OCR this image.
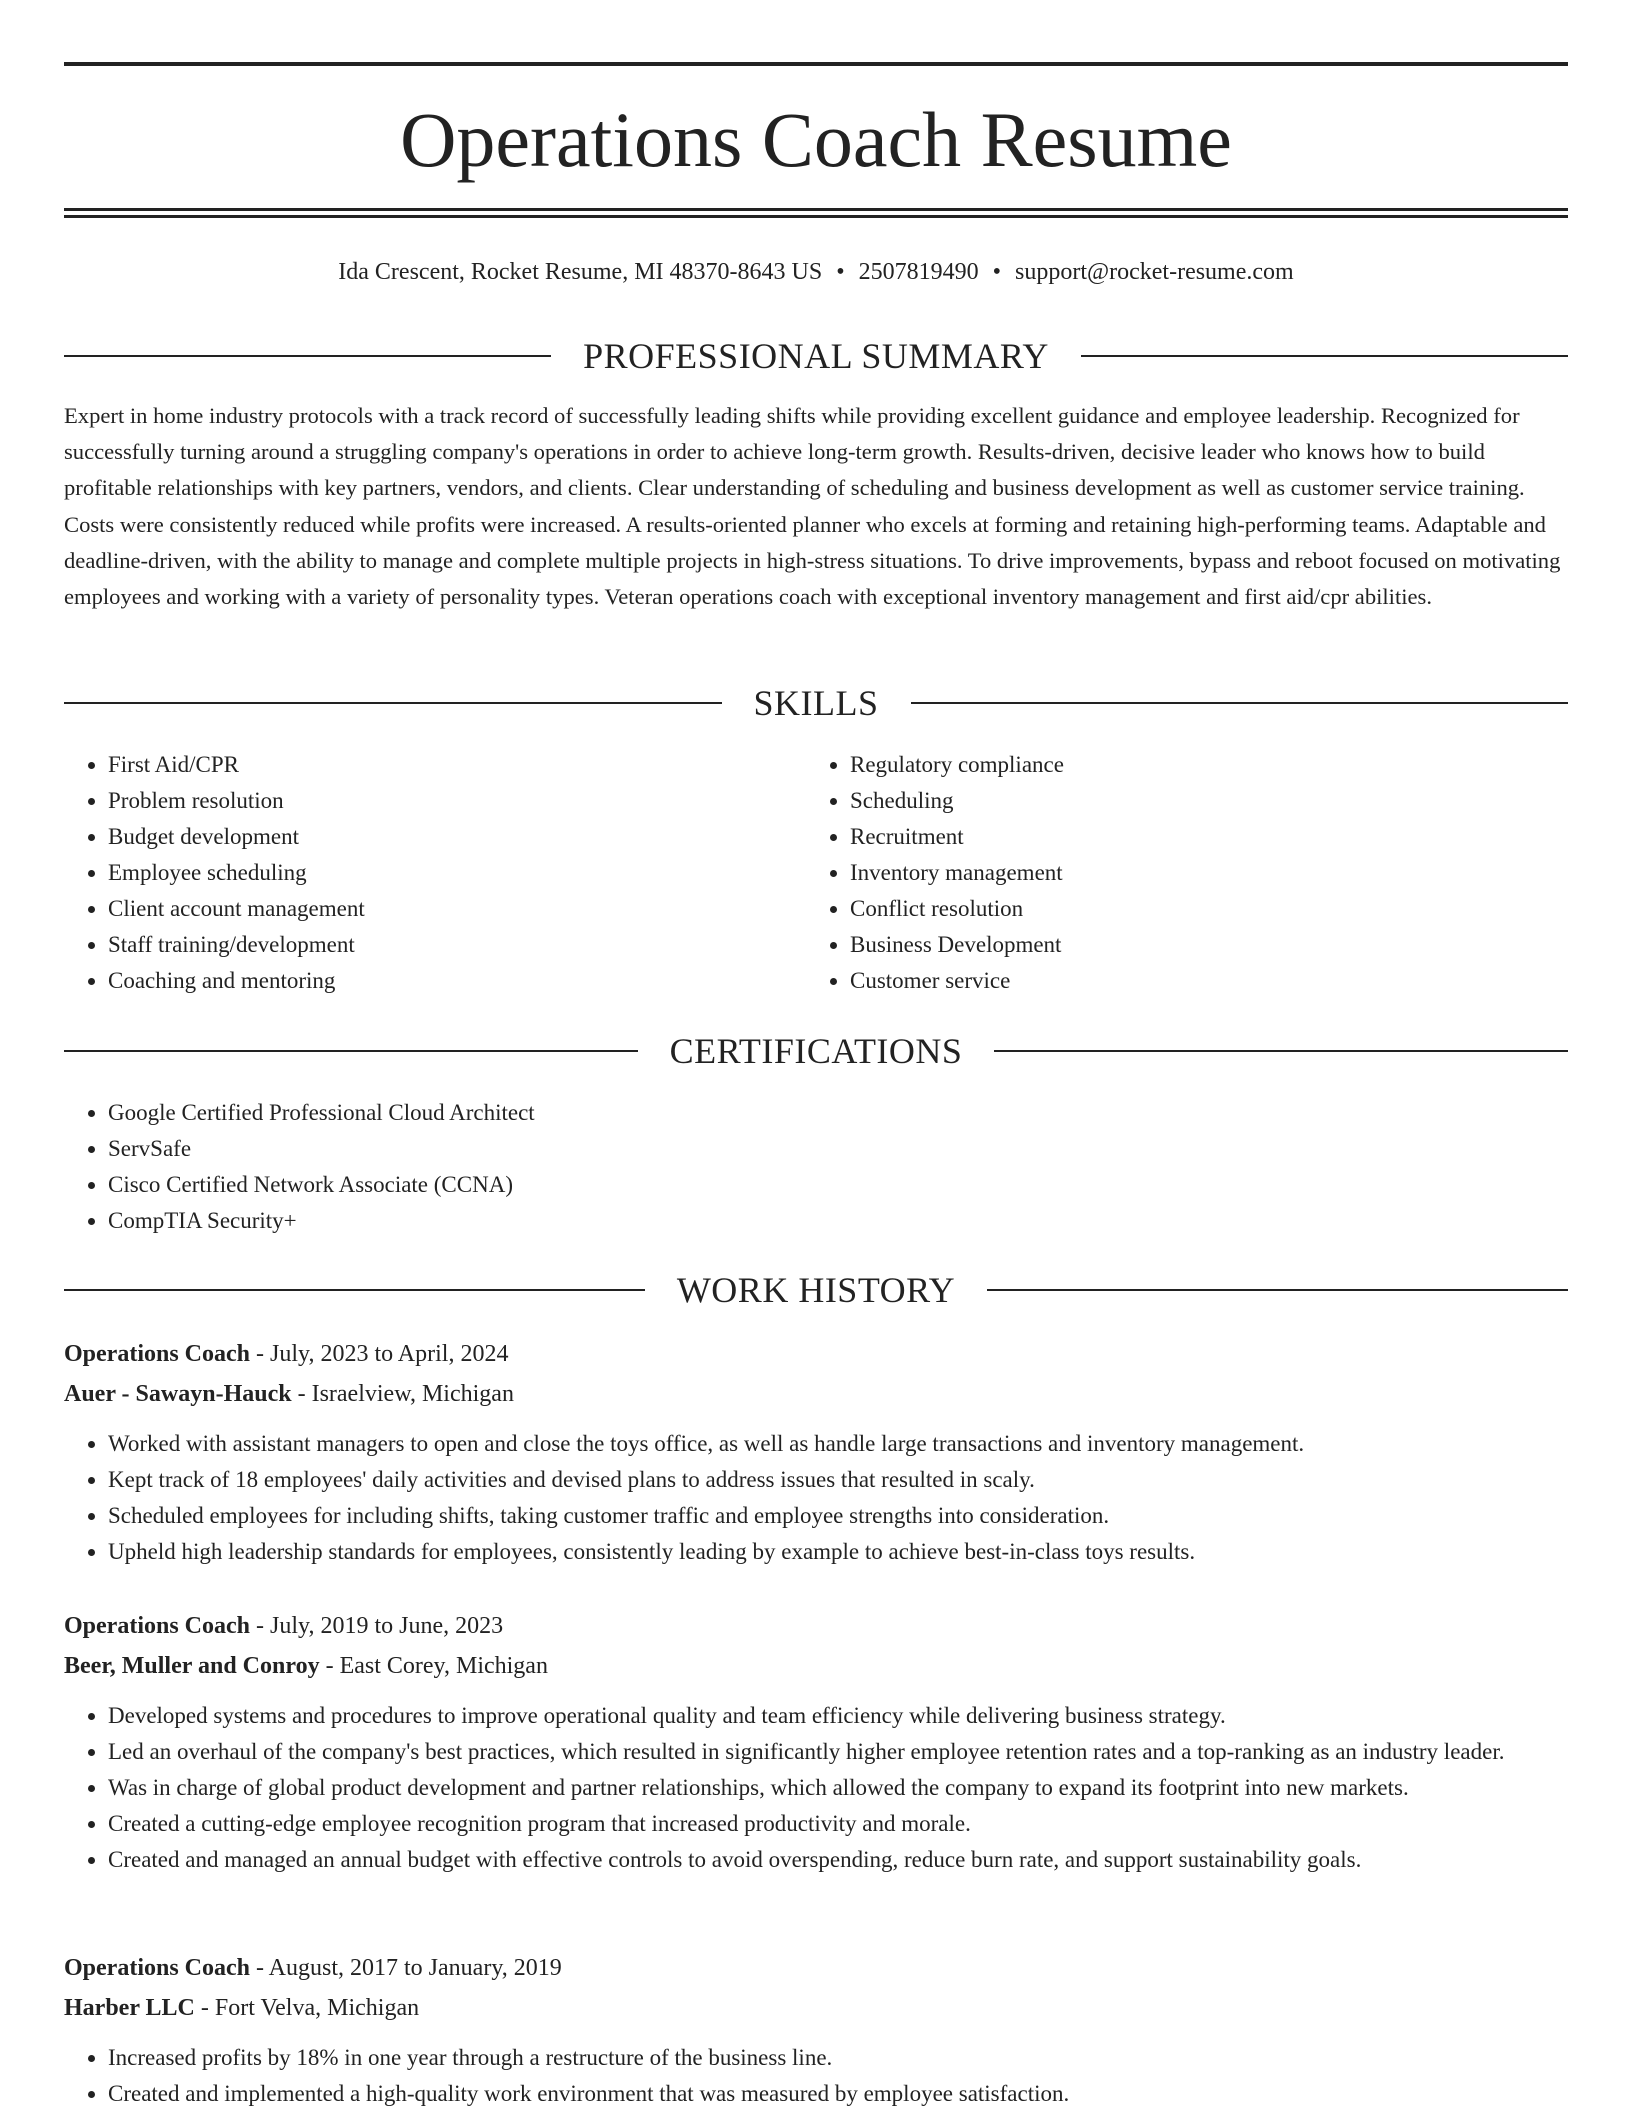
Operations Coach Resume
Ida Crescent, Rocket Resume, MI 48370-8643 US • 2507819490 • support@rocket-resume.com
PROFESSIONAL SUMMARY

Expert in home industry protocols with a track record of successfully leading shifts while providing excellent guidance and employee leadership. Recognized for successfully turning around a struggling company's operations in order to achieve long-term growth. Results-driven, decisive leader who knows how to build profitable relationships with key partners, vendors, and clients. Clear understanding of scheduling and business development as well as customer service training. Costs were consistently reduced while profits were increased. A results-oriented planner who excels at forming and retaining high-performing teams. Adaptable and deadline-driven, with the ability to manage and complete multiple projects in high-stress situations. To drive improvements, bypass and reboot focused on motivating employees and working with a variety of personality types. Veteran operations coach with exceptional inventory management and first aid/cpr abilities.

SKILLS
• First Aid/CPR
• Problem resolution
• Budget development
• Employee scheduling
• Client account management
• Staff training/development
• Coaching and mentoring
• Regulatory compliance
• Scheduling
• Recruitment
• Inventory management
• Conflict resolution
• Business Development
• Customer service
CERTIFICATIONS
• Google Certified Professional Cloud Architect
• ServSafe
• Cisco Certified Network Associate (CCNA)
• CompTIA Security+
WORK HISTORY
Operations Coach - July, 2023 to April, 2024
Auer - Sawayn-Hauck - Israelview, Michigan
• Worked with assistant managers to open and close the toys office, as well as handle large transactions and inventory management.
• Kept track of 18 employees' daily activities and devised plans to address issues that resulted in scaly.
• Scheduled employees for including shifts, taking customer traffic and employee strengths into consideration.
• Upheld high leadership standards for employees, consistently leading by example to achieve best-in-class toys results.
Operations Coach - July, 2019 to June, 2023
Beer, Muller and Conroy - East Corey, Michigan
• Developed systems and procedures to improve operational quality and team efficiency while delivering business strategy.
• Led an overhaul of the company's best practices, which resulted in significantly higher employee retention rates and a top-ranking as an industry leader.
• Was in charge of global product development and partner relationships, which allowed the company to expand its footprint into new markets.
• Created a cutting-edge employee recognition program that increased productivity and morale.
• Created and managed an annual budget with effective controls to avoid overspending, reduce burn rate, and support sustainability goals.
Operations Coach - August, 2017 to January, 2019
Harber LLC - Fort Velva, Michigan
• Increased profits by 18% in one year through a restructure of the business line.
• Created and implemented a high-quality work environment that was measured by employee satisfaction.
